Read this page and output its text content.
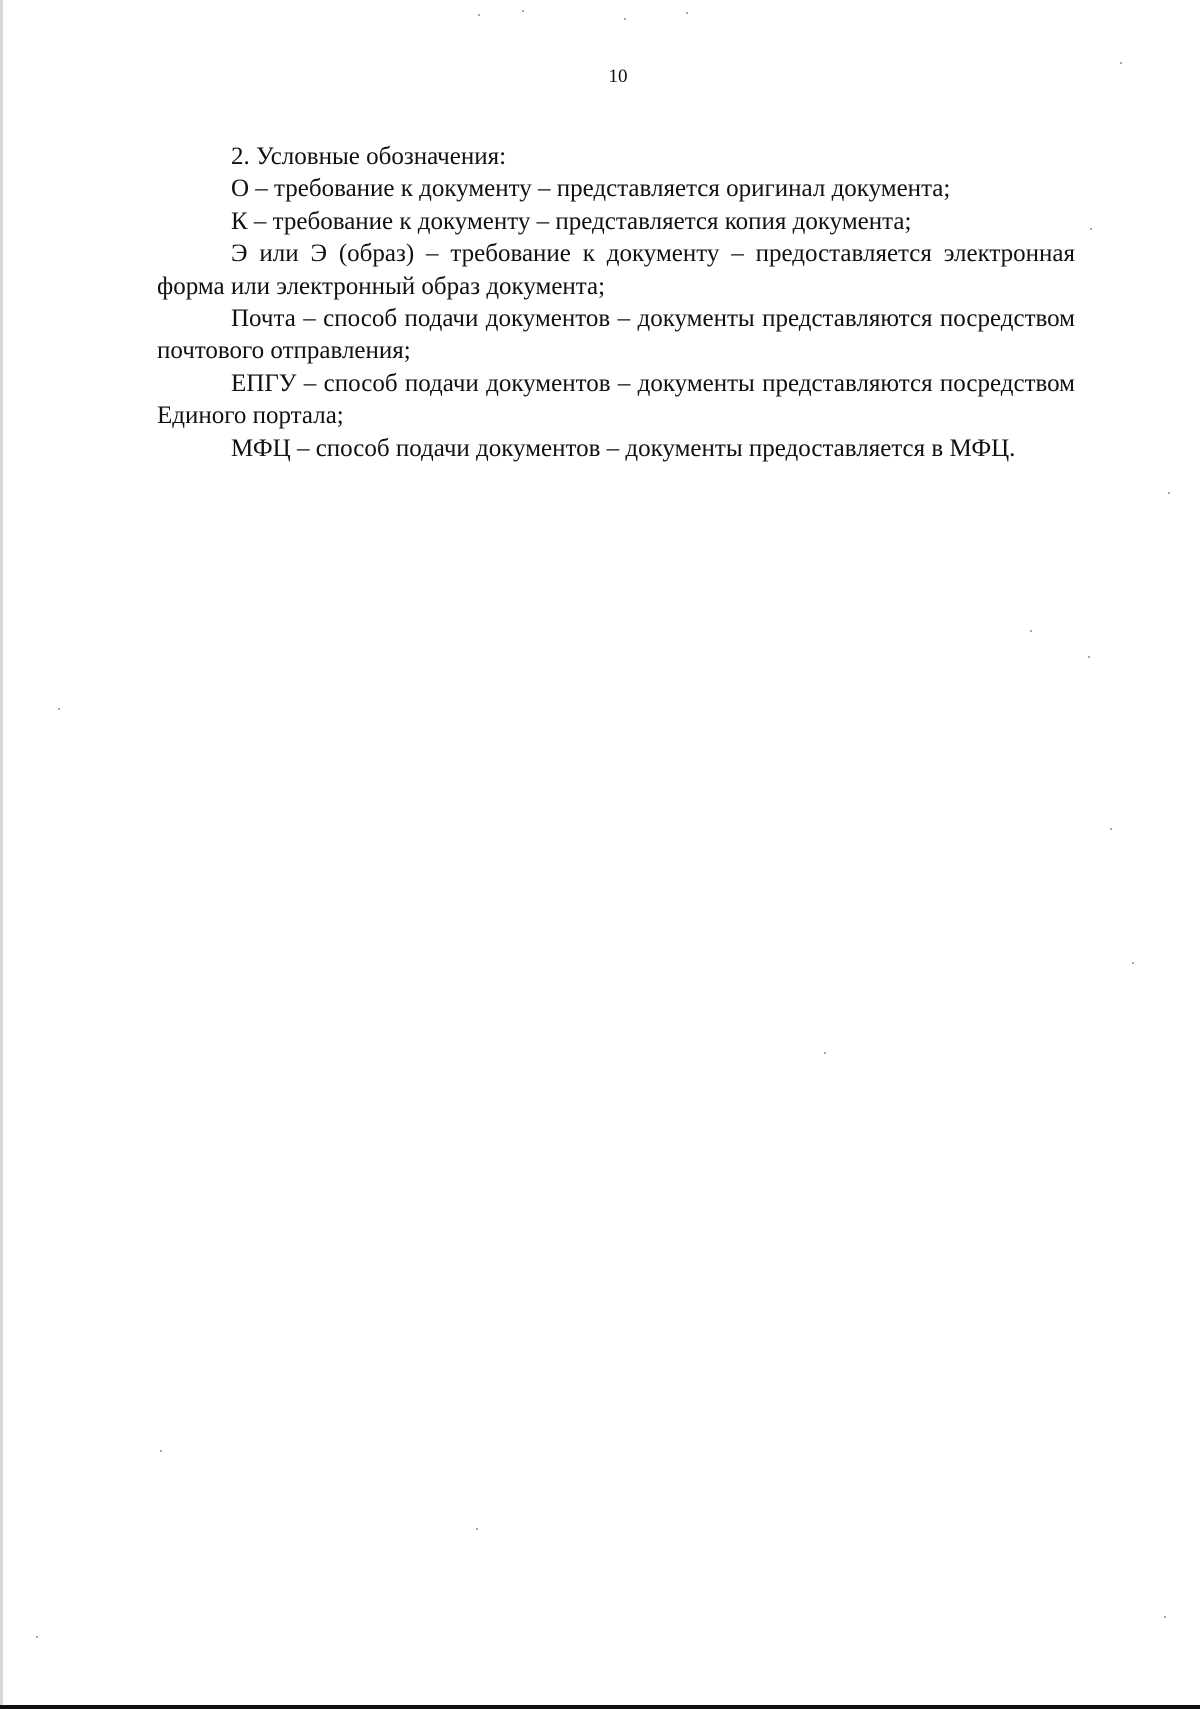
10

2. Условные обозначения:

О – требование к документу – представляется оригинал документа;

К – требование к документу – представляется копия документа;

Э или Э (образ) – требование к документу – предоставляется электронная форма или электронный образ документа;

Почта – способ подачи документов – документы представляются посредством почтового отправления;

ЕПГУ – способ подачи документов – документы представляются посредством Единого портала;

МФЦ – способ подачи документов – документы предоставляется в МФЦ.
